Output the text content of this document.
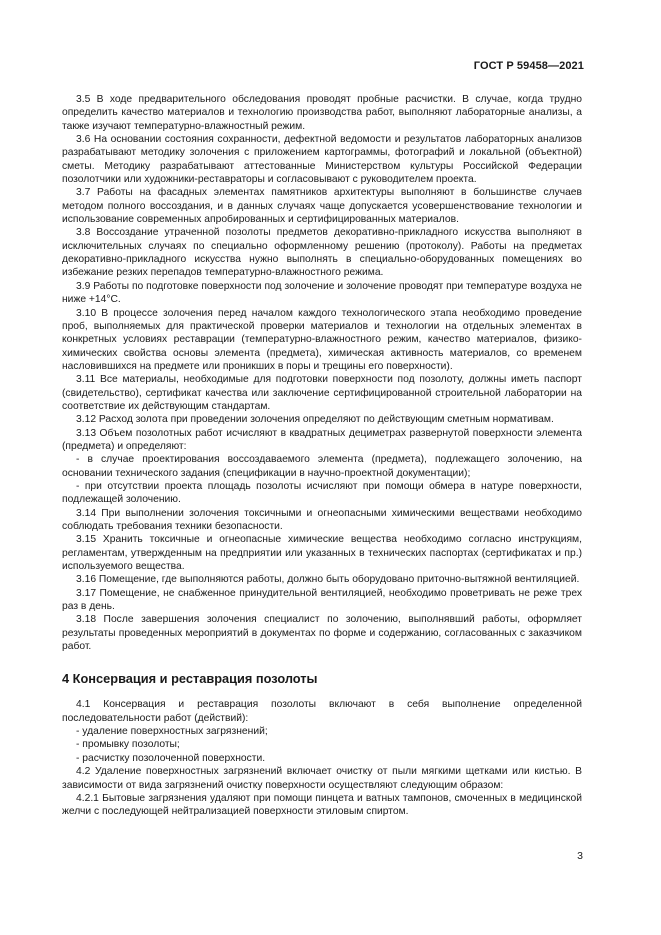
ГОСТ Р 59458—2021

3.5 В ходе предварительного обследования проводят пробные расчистки. В случае, когда трудно определить качество материалов и технологию производства работ, выполняют лабораторные анализы, а также изучают температурно-влажностный режим.

3.6 На основании состояния сохранности, дефектной ведомости и результатов лабораторных анализов разрабатывают методику золочения с приложением картограммы, фотографий и локальной (объектной) сметы. Методику разрабатывают аттестованные Министерством культуры Российской Федерации позолотчики или художники-реставраторы и согласовывают с руководителем проекта.

3.7 Работы на фасадных элементах памятников архитектуры выполняют в большинстве случаев методом полного воссоздания, и в данных случаях чаще допускается усовершенствование технологии и использование современных апробированных и сертифицированных материалов.

3.8 Воссоздание утраченной позолоты предметов декоративно-прикладного искусства выполняют в исключительных случаях по специально оформленному решению (протоколу). Работы на предметах декоративно-прикладного искусства нужно выполнять в специально-оборудованных помещениях во избежание резких перепадов температурно-влажностного режима.

3.9 Работы по подготовке поверхности под золочение и золочение проводят при температуре воздуха не ниже +14°С.

3.10 В процессе золочения перед началом каждого технологического этапа необходимо проведение проб, выполняемых для практической проверки материалов и технологии на отдельных элементах в конкретных условиях реставрации (температурно-влажностного режим, качество материалов, физико-химических свойства основы элемента (предмета), химическая активность материалов, со временем насловившихся на предмете или проникших в поры и трещины его поверхности).

3.11 Все материалы, необходимые для подготовки поверхности под позолоту, должны иметь паспорт (свидетельство), сертификат качества или заключение сертифицированной строительной лаборатории на соответствие их действующим стандартам.

3.12 Расход золота при проведении золочения определяют по действующим сметным нормативам.

3.13 Объем позолотных работ исчисляют в квадратных дециметрах развернутой поверхности элемента (предмета) и определяют:

- в случае проектирования воссоздаваемого элемента (предмета), подлежащего золочению, на основании технического задания (спецификации в научно-проектной документации);

- при отсутствии проекта площадь позолоты исчисляют при помощи обмера в натуре поверхности, подлежащей золочению.

3.14 При выполнении золочения токсичными и огнеопасными химическими веществами необходимо соблюдать требования техники безопасности.

3.15 Хранить токсичные и огнеопасные химические вещества необходимо согласно инструкциям, регламентам, утвержденным на предприятии или указанных в технических паспортах (сертификатах и пр.) используемого вещества.

3.16 Помещение, где выполняются работы, должно быть оборудовано приточно-вытяжной вентиляцией.

3.17 Помещение, не снабженное принудительной вентиляцией, необходимо проветривать не реже трех раз в день.

3.18 После завершения золочения специалист по золочению, выполнявший работы, оформляет результаты проведенных мероприятий в документах по форме и содержанию, согласованных с заказчиком работ.

4 Консервация и реставрация позолоты

4.1 Консервация и реставрация позолоты включают в себя выполнение определенной последовательности работ (действий):

- удаление поверхностных загрязнений;

- промывку позолоты;

- расчистку позолоченной поверхности.

4.2 Удаление поверхностных загрязнений включает очистку от пыли мягкими щетками или кистью. В зависимости от вида загрязнений очистку поверхности осуществляют следующим образом:

4.2.1 Бытовые загрязнения удаляют при помощи пинцета и ватных тампонов, смоченных в медицинской желчи с последующей нейтрализацией поверхности этиловым спиртом.

3
